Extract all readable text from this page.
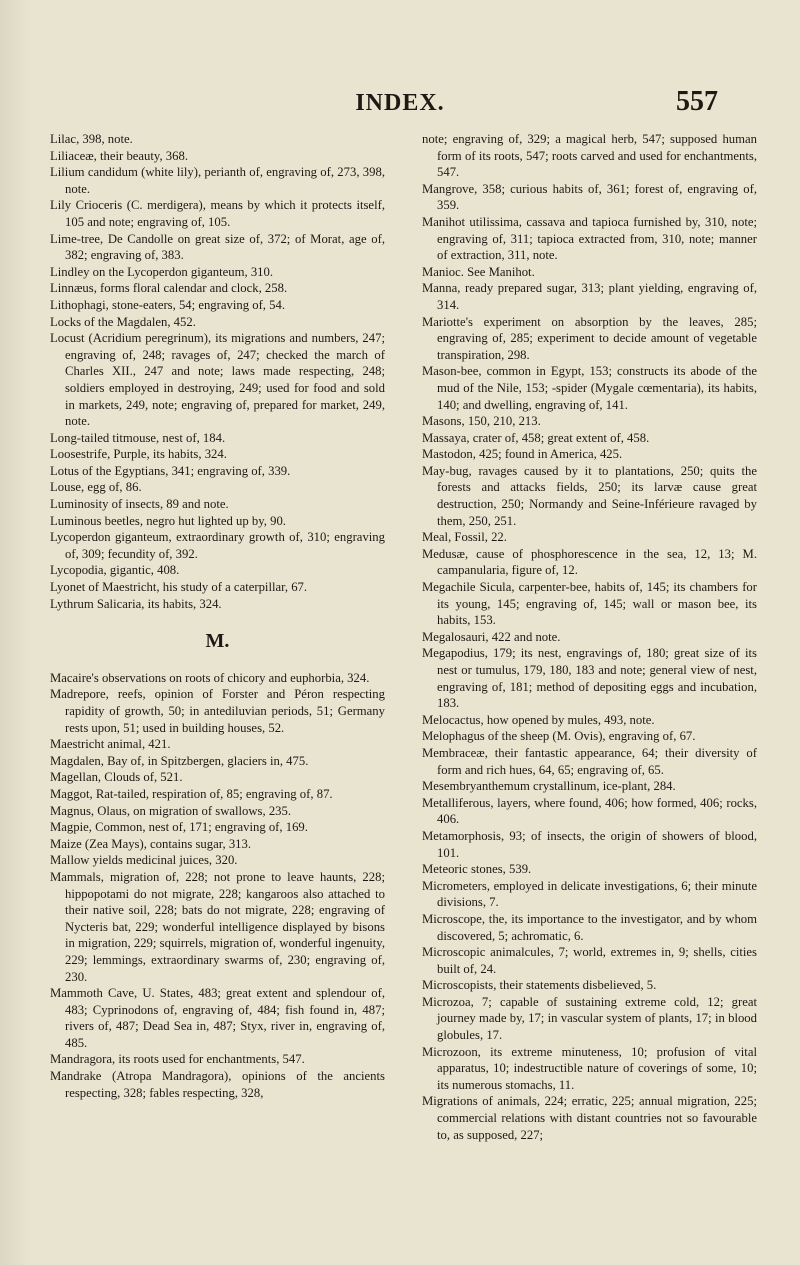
INDEX.	557

Lilac, 398, note.

Liliaceæ, their beauty, 368.

Lilium candidum (white lily), perianth of, engraving of, 273, 398, note.

Lily Crioceris (C. merdigera), means by which it protects itself, 105 and note; engraving of, 105.

Lime-tree, De Candolle on great size of, 372; of Morat, age of, 382; engraving of, 383.

Lindley on the Lycoperdon giganteum, 310.

Linnæus, forms floral calendar and clock, 258.

Lithophagi, stone-eaters, 54; engraving of, 54.

Locks of the Magdalen, 452.

Locust (Acridium peregrinum), its migrations and numbers, 247; engraving of, 248; ravages of, 247; checked the march of Charles XII., 247 and note; laws made respecting, 248; soldiers employed in destroying, 249; used for food and sold in markets, 249, note; engraving of, prepared for market, 249, note.

Long-tailed titmouse, nest of, 184.

Loosestrife, Purple, its habits, 324.

Lotus of the Egyptians, 341; engraving of, 339.

Louse, egg of, 86.

Luminosity of insects, 89 and note.

Luminous beetles, negro hut lighted up by, 90.

Lycoperdon giganteum, extraordinary growth of, 310; engraving of, 309; fecundity of, 392.

Lycopodia, gigantic, 408.

Lyonet of Maestricht, his study of a caterpillar, 67.

Lythrum Salicaria, its habits, 324.

M.

Macaire's observations on roots of chicory and euphorbia, 324.

Madrepore, reefs, opinion of Forster and Péron respecting rapidity of growth, 50; in antediluvian periods, 51; Germany rests upon, 51; used in building houses, 52.

Maestricht animal, 421.

Magdalen, Bay of, in Spitzbergen, glaciers in, 475.

Magellan, Clouds of, 521.

Maggot, Rat-tailed, respiration of, 85; engraving of, 87.

Magnus, Olaus, on migration of swallows, 235.

Magpie, Common, nest of, 171; engraving of, 169.

Maize (Zea Mays), contains sugar, 313.

Mallow yields medicinal juices, 320.

Mammals, migration of, 228; not prone to leave haunts, 228; hippopotami do not migrate, 228; kangaroos also attached to their native soil, 228; bats do not migrate, 228; engraving of Nycteris bat, 229; wonderful intelligence displayed by bisons in migration, 229; squirrels, migration of, wonderful ingenuity, 229; lemmings, extraordinary swarms of, 230; engraving of, 230.

Mammoth Cave, U. States, 483; great extent and splendour of, 483; Cyprinodons of, engraving of, 484; fish found in, 487; rivers of, 487; Dead Sea in, 487; Styx, river in, engraving of, 485.

Mandragora, its roots used for enchantments, 547.

Mandrake (Atropa Mandragora), opinions of the ancients respecting, 328; fables respecting, 328,

note; engraving of, 329; a magical herb, 547; supposed human form of its roots, 547; roots carved and used for enchantments, 547.

Mangrove, 358; curious habits of, 361; forest of, engraving of, 359.

Manihot utilissima, cassava and tapioca furnished by, 310, note; engraving of, 311; tapioca extracted from, 310, note; manner of extraction, 311, note.

Manioc. See Manihot.

Manna, ready prepared sugar, 313; plant yielding, engraving of, 314.

Mariotte's experiment on absorption by the leaves, 285; engraving of, 285; experiment to decide amount of vegetable transpiration, 298.

Mason-bee, common in Egypt, 153; constructs its abode of the mud of the Nile, 153; -spider (Mygale cœmentaria), its habits, 140; and dwelling, engraving of, 141.

Masons, 150, 210, 213.

Massaya, crater of, 458; great extent of, 458.

Mastodon, 425; found in America, 425.

May-bug, ravages caused by it to plantations, 250; quits the forests and attacks fields, 250; its larvæ cause great destruction, 250; Normandy and Seine-Inférieure ravaged by them, 250, 251.

Meal, Fossil, 22.

Medusæ, cause of phosphorescence in the sea, 12, 13; M. campanularia, figure of, 12.

Megachile Sicula, carpenter-bee, habits of, 145; its chambers for its young, 145; engraving of, 145; wall or mason bee, its habits, 153.

Megalosauri, 422 and note.

Megapodius, 179; its nest, engravings of, 180; great size of its nest or tumulus, 179, 180, 183 and note; general view of nest, engraving of, 181; method of depositing eggs and incubation, 183.

Melocactus, how opened by mules, 493, note.

Melophagus of the sheep (M. Ovis), engraving of, 67.

Membraceæ, their fantastic appearance, 64; their diversity of form and rich hues, 64, 65; engraving of, 65.

Mesembryanthemum crystallinum, ice-plant, 284.

Metalliferous, layers, where found, 406; how formed, 406; rocks, 406.

Metamorphosis, 93; of insects, the origin of showers of blood, 101.

Meteoric stones, 539.

Micrometers, employed in delicate investigations, 6; their minute divisions, 7.

Microscope, the, its importance to the investigator, and by whom discovered, 5; achromatic, 6.

Microscopic animalcules, 7; world, extremes in, 9; shells, cities built of, 24.

Microscopists, their statements disbelieved, 5.

Microzoa, 7; capable of sustaining extreme cold, 12; great journey made by, 17; in vascular system of plants, 17; in blood globules, 17.

Microzoon, its extreme minuteness, 10; profusion of vital apparatus, 10; indestructible nature of coverings of some, 10; its numerous stomachs, 11.

Migrations of animals, 224; erratic, 225; annual migration, 225; commercial relations with distant countries not so favourable to, as supposed, 227;
